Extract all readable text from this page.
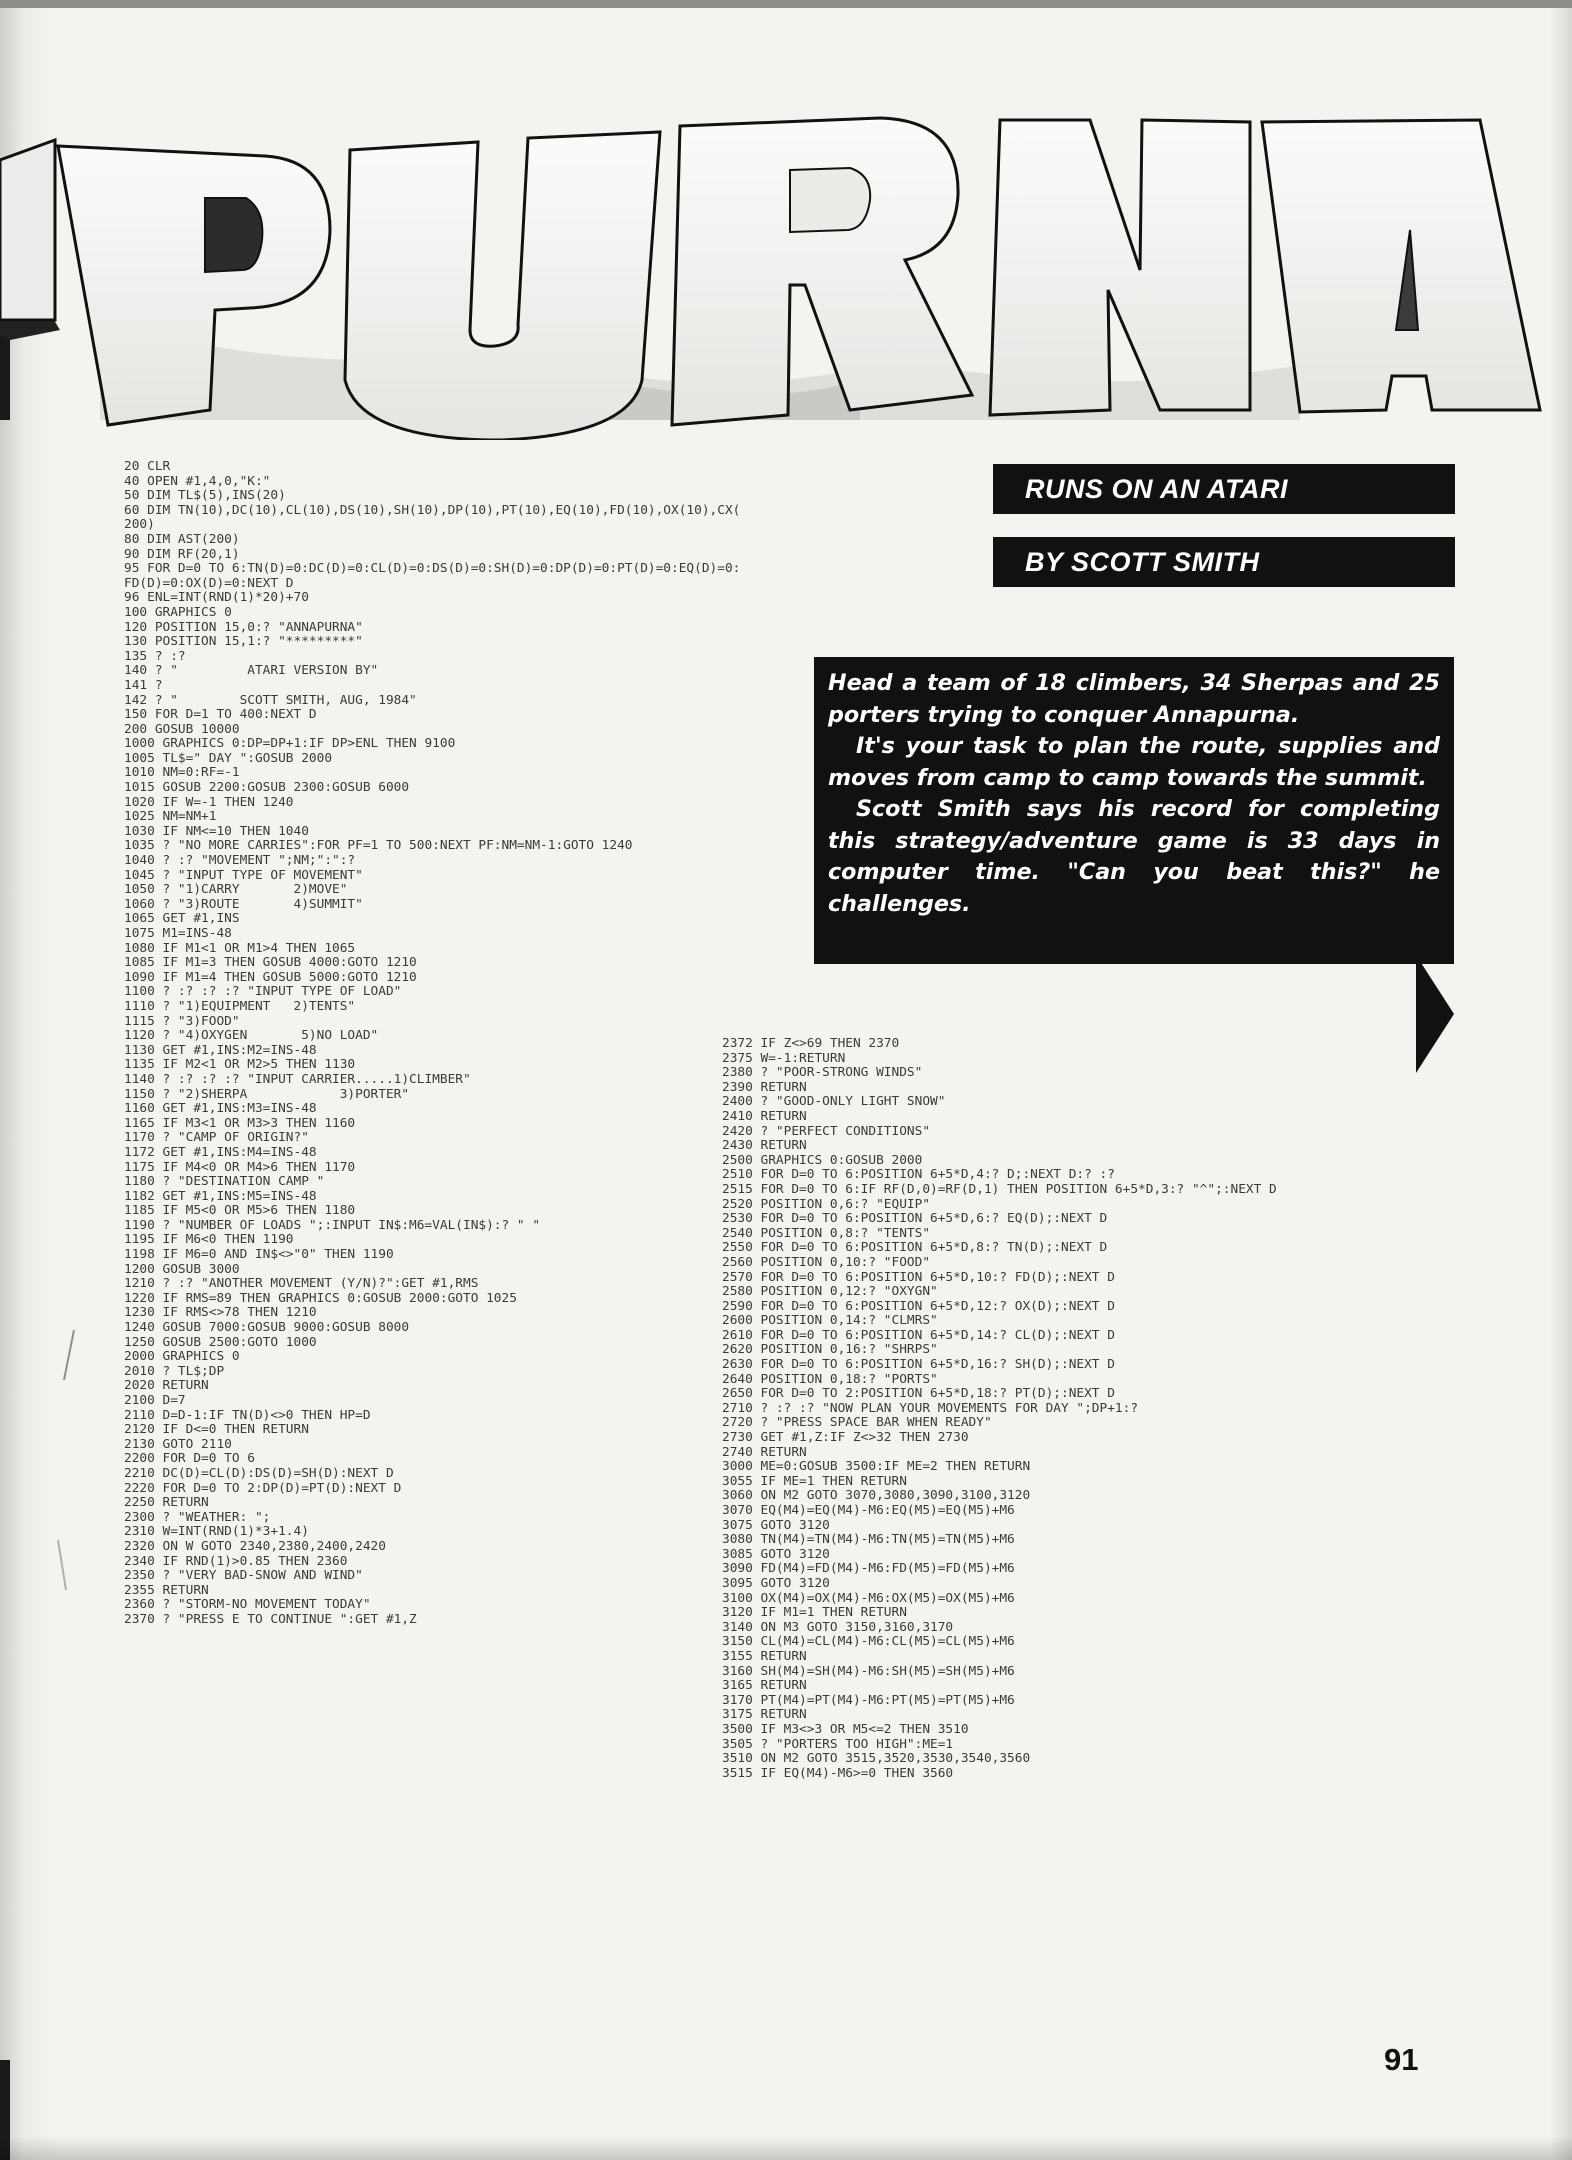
RUNS ON AN ATARI
BY SCOTT SMITH

Head a team of 18 climbers, 34 Sherpas and 25 porters trying to conquer Annapurna.

It's your task to plan the route, supplies and moves from camp to camp towards the summit.

Scott Smith says his record for completing this strategy/adventure game is 33 days in computer time. "Can you beat this?" he challenges.

20 CLR
40 OPEN #1,4,0,"K:"
50 DIM TL$(5),INS(20)
60 DIM TN(10),DC(10),CL(10),DS(10),SH(10),DP(10),PT(10),EQ(10),FD(10),OX(10),CX(
200)
80 DIM AST(200)
90 DIM RF(20,1)
95 FOR D=0 TO 6:TN(D)=0:DC(D)=0:CL(D)=0:DS(D)=0:SH(D)=0:DP(D)=0:PT(D)=0:EQ(D)=0:
FD(D)=0:OX(D)=0:NEXT D
96 ENL=INT(RND(1)*20)+70
100 GRAPHICS 0
120 POSITION 15,0:? "ANNAPURNA"
130 POSITION 15,1:? "*********"
135 ? :?
140 ? "         ATARI VERSION BY"
141 ?
142 ? "        SCOTT SMITH, AUG, 1984"
150 FOR D=1 TO 400:NEXT D
200 GOSUB 10000
1000 GRAPHICS 0:DP=DP+1:IF DP>ENL THEN 9100
1005 TL$=" DAY ":GOSUB 2000
1010 NM=0:RF=-1
1015 GOSUB 2200:GOSUB 2300:GOSUB 6000
1020 IF W=-1 THEN 1240
1025 NM=NM+1
1030 IF NM<=10 THEN 1040
1035 ? "NO MORE CARRIES":FOR PF=1 TO 500:NEXT PF:NM=NM-1:GOTO 1240
1040 ? :? "MOVEMENT ";NM;":":?
1045 ? "INPUT TYPE OF MOVEMENT"
1050 ? "1)CARRY       2)MOVE"
1060 ? "3)ROUTE       4)SUMMIT"
1065 GET #1,INS
1075 M1=INS-48
1080 IF M1<1 OR M1>4 THEN 1065
1085 IF M1=3 THEN GOSUB 4000:GOTO 1210
1090 IF M1=4 THEN GOSUB 5000:GOTO 1210
1100 ? :? :? :? "INPUT TYPE OF LOAD"
1110 ? "1)EQUIPMENT   2)TENTS"
1115 ? "3)FOOD"
1120 ? "4)OXYGEN       5)NO LOAD"
1130 GET #1,INS:M2=INS-48
1135 IF M2<1 OR M2>5 THEN 1130
1140 ? :? :? :? "INPUT CARRIER.....1)CLIMBER"
1150 ? "2)SHERPA            3)PORTER"
1160 GET #1,INS:M3=INS-48
1165 IF M3<1 OR M3>3 THEN 1160
1170 ? "CAMP OF ORIGIN?"
1172 GET #1,INS:M4=INS-48
1175 IF M4<0 OR M4>6 THEN 1170
1180 ? "DESTINATION CAMP "
1182 GET #1,INS:M5=INS-48
1185 IF M5<0 OR M5>6 THEN 1180
1190 ? "NUMBER OF LOADS ";:INPUT IN$:M6=VAL(IN$):? " "
1195 IF M6<0 THEN 1190
1198 IF M6=0 AND IN$<>"0" THEN 1190
1200 GOSUB 3000
1210 ? :? "ANOTHER MOVEMENT (Y/N)?":GET #1,RMS
1220 IF RMS=89 THEN GRAPHICS 0:GOSUB 2000:GOTO 1025
1230 IF RMS<>78 THEN 1210
1240 GOSUB 7000:GOSUB 9000:GOSUB 8000
1250 GOSUB 2500:GOTO 1000
2000 GRAPHICS 0
2010 ? TL$;DP
2020 RETURN
2100 D=7
2110 D=D-1:IF TN(D)<>0 THEN HP=D
2120 IF D<=0 THEN RETURN
2130 GOTO 2110
2200 FOR D=0 TO 6
2210 DC(D)=CL(D):DS(D)=SH(D):NEXT D
2220 FOR D=0 TO 2:DP(D)=PT(D):NEXT D
2250 RETURN
2300 ? "WEATHER: ";
2310 W=INT(RND(1)*3+1.4)
2320 ON W GOTO 2340,2380,2400,2420
2340 IF RND(1)>0.85 THEN 2360
2350 ? "VERY BAD-SNOW AND WIND"
2355 RETURN
2360 ? "STORM-NO MOVEMENT TODAY"
2370 ? "PRESS E TO CONTINUE ":GET #1,Z
2372 IF Z<>69 THEN 2370
2375 W=-1:RETURN
2380 ? "POOR-STRONG WINDS"
2390 RETURN
2400 ? "GOOD-ONLY LIGHT SNOW"
2410 RETURN
2420 ? "PERFECT CONDITIONS"
2430 RETURN
2500 GRAPHICS 0:GOSUB 2000
2510 FOR D=0 TO 6:POSITION 6+5*D,4:? D;:NEXT D:? :?
2515 FOR D=0 TO 6:IF RF(D,0)=RF(D,1) THEN POSITION 6+5*D,3:? "^";:NEXT D
2520 POSITION 0,6:? "EQUIP"
2530 FOR D=0 TO 6:POSITION 6+5*D,6:? EQ(D);:NEXT D
2540 POSITION 0,8:? "TENTS"
2550 FOR D=0 TO 6:POSITION 6+5*D,8:? TN(D);:NEXT D
2560 POSITION 0,10:? "FOOD"
2570 FOR D=0 TO 6:POSITION 6+5*D,10:? FD(D);:NEXT D
2580 POSITION 0,12:? "OXYGN"
2590 FOR D=0 TO 6:POSITION 6+5*D,12:? OX(D);:NEXT D
2600 POSITION 0,14:? "CLMRS"
2610 FOR D=0 TO 6:POSITION 6+5*D,14:? CL(D);:NEXT D
2620 POSITION 0,16:? "SHRPS"
2630 FOR D=0 TO 6:POSITION 6+5*D,16:? SH(D);:NEXT D
2640 POSITION 0,18:? "PORTS"
2650 FOR D=0 TO 2:POSITION 6+5*D,18:? PT(D);:NEXT D
2710 ? :? :? "NOW PLAN YOUR MOVEMENTS FOR DAY ";DP+1:?
2720 ? "PRESS SPACE BAR WHEN READY"
2730 GET #1,Z:IF Z<>32 THEN 2730
2740 RETURN
3000 ME=0:GOSUB 3500:IF ME=2 THEN RETURN
3055 IF ME=1 THEN RETURN
3060 ON M2 GOTO 3070,3080,3090,3100,3120
3070 EQ(M4)=EQ(M4)-M6:EQ(M5)=EQ(M5)+M6
3075 GOTO 3120
3080 TN(M4)=TN(M4)-M6:TN(M5)=TN(M5)+M6
3085 GOTO 3120
3090 FD(M4)=FD(M4)-M6:FD(M5)=FD(M5)+M6
3095 GOTO 3120
3100 OX(M4)=OX(M4)-M6:OX(M5)=OX(M5)+M6
3120 IF M1=1 THEN RETURN
3140 ON M3 GOTO 3150,3160,3170
3150 CL(M4)=CL(M4)-M6:CL(M5)=CL(M5)+M6
3155 RETURN
3160 SH(M4)=SH(M4)-M6:SH(M5)=SH(M5)+M6
3165 RETURN
3170 PT(M4)=PT(M4)-M6:PT(M5)=PT(M5)+M6
3175 RETURN
3500 IF M3<>3 OR M5<=2 THEN 3510
3505 ? "PORTERS TOO HIGH":ME=1
3510 ON M2 GOTO 3515,3520,3530,3540,3560
3515 IF EQ(M4)-M6>=0 THEN 3560
91
